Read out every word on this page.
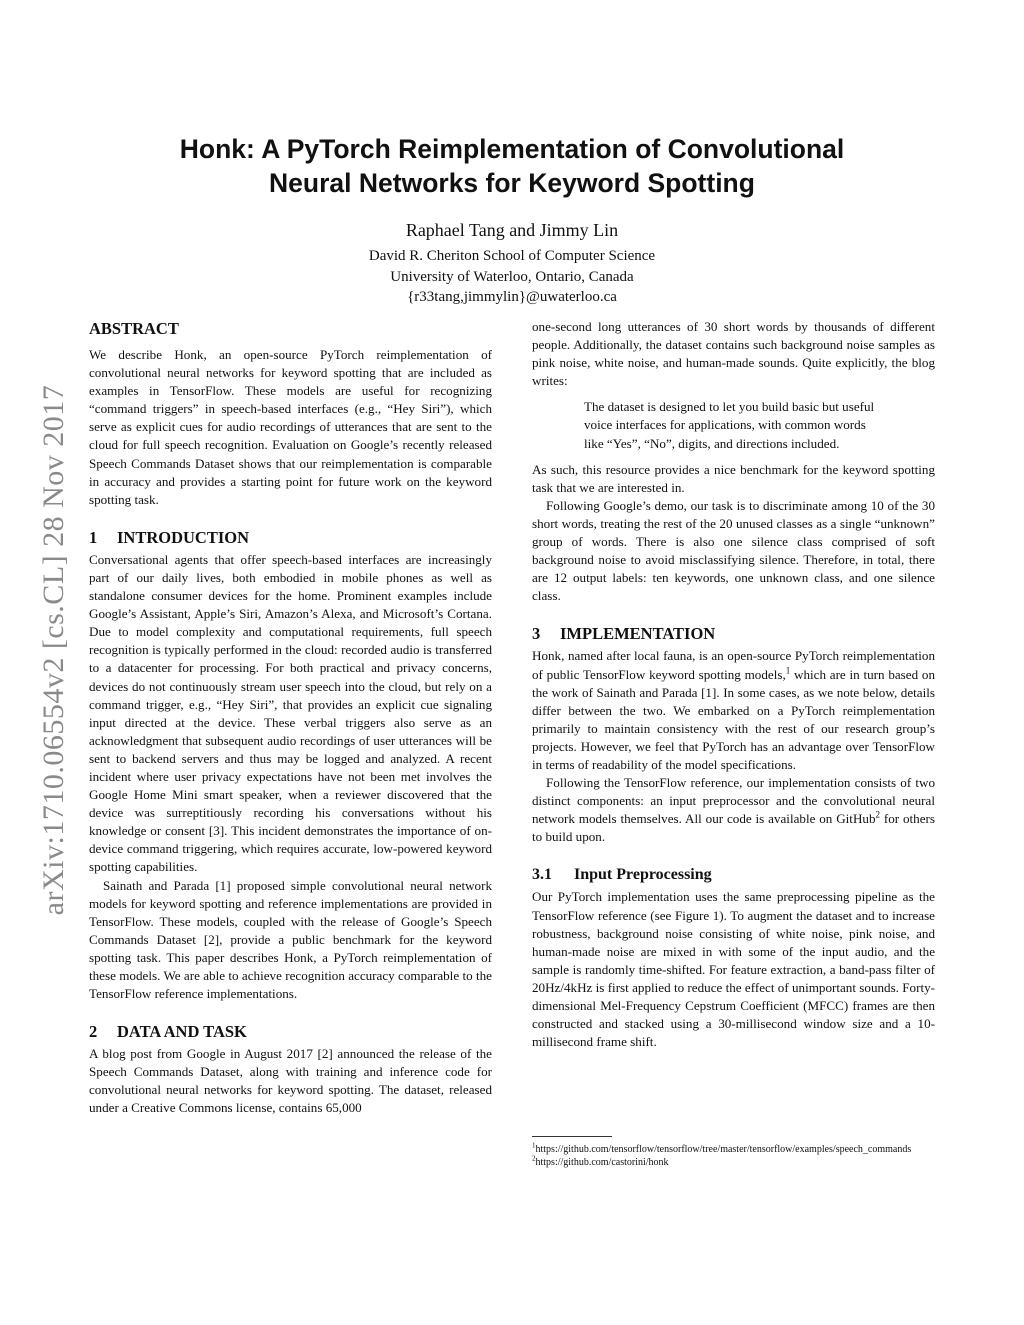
arXiv:1710.06554v2 [cs.CL] 28 Nov 2017
Honk: A PyTorch Reimplementation of Convolutional
Neural Networks for Keyword Spotting
Raphael Tang and Jimmy Lin
David R. Cheriton School of Computer Science
University of Waterloo, Ontario, Canada
{r33tang,jimmylin}@uwaterloo.ca
ABSTRACT

We describe Honk, an open-source PyTorch reimplementation of convolutional neural networks for keyword spotting that are included as examples in TensorFlow. These models are useful for recognizing “command triggers” in speech-based interfaces (e.g., “Hey Siri”), which serve as explicit cues for audio recordings of utterances that are sent to the cloud for full speech recognition. Evaluation on Google’s recently released Speech Commands Dataset shows that our reimplementation is comparable in accuracy and provides a starting point for future work on the keyword spotting task.

1 INTRODUCTION

Conversational agents that offer speech-based interfaces are increasingly part of our daily lives, both embodied in mobile phones as well as standalone consumer devices for the home. Prominent examples include Google’s Assistant, Apple’s Siri, Amazon’s Alexa, and Microsoft’s Cortana. Due to model complexity and computational requirements, full speech recognition is typically performed in the cloud: recorded audio is transferred to a datacenter for processing. For both practical and privacy concerns, devices do not continuously stream user speech into the cloud, but rely on a command trigger, e.g., “Hey Siri”, that provides an explicit cue signaling input directed at the device. These verbal triggers also serve as an acknowledgment that subsequent audio recordings of user utterances will be sent to backend servers and thus may be logged and analyzed. A recent incident where user privacy expectations have not been met involves the Google Home Mini smart speaker, when a reviewer discovered that the device was surreptitiously recording his conversations without his knowledge or consent [3]. This incident demonstrates the importance of on-device command triggering, which requires accurate, low-powered keyword spotting capabilities.

Sainath and Parada [1] proposed simple convolutional neural network models for keyword spotting and reference implementations are provided in TensorFlow. These models, coupled with the release of Google’s Speech Commands Dataset [2], provide a public benchmark for the keyword spotting task. This paper describes Honk, a PyTorch reimplementation of these models. We are able to achieve recognition accuracy comparable to the TensorFlow reference implementations.

2 DATA AND TASK

A blog post from Google in August 2017 [2] announced the release of the Speech Commands Dataset, along with training and inference code for convolutional neural networks for keyword spotting. The dataset, released under a Creative Commons license, contains 65,000

one-second long utterances of 30 short words by thousands of different people. Additionally, the dataset contains such background noise samples as pink noise, white noise, and human-made sounds. Quite explicitly, the blog writes:

The dataset is designed to let you build basic but useful voice interfaces for applications, with common words like “Yes”, “No”, digits, and directions included.

As such, this resource provides a nice benchmark for the keyword spotting task that we are interested in.

Following Google’s demo, our task is to discriminate among 10 of the 30 short words, treating the rest of the 20 unused classes as a single “unknown” group of words. There is also one silence class comprised of soft background noise to avoid misclassifying silence. Therefore, in total, there are 12 output labels: ten keywords, one unknown class, and one silence class.

3 IMPLEMENTATION

Honk, named after local fauna, is an open-source PyTorch reimplementation of public TensorFlow keyword spotting models,$^1$ which are in turn based on the work of Sainath and Parada [1]. In some cases, as we note below, details differ between the two. We embarked on a PyTorch reimplementation primarily to maintain consistency with the rest of our research group’s projects. However, we feel that PyTorch has an advantage over TensorFlow in terms of readability of the model specifications.

Following the TensorFlow reference, our implementation consists of two distinct components: an input preprocessor and the convolutional neural network models themselves. All our code is available on GitHub$^2$ for others to build upon.

3.1 Input Preprocessing

Our PyTorch implementation uses the same preprocessing pipeline as the TensorFlow reference (see Figure 1). To augment the dataset and to increase robustness, background noise consisting of white noise, pink noise, and human-made noise are mixed in with some of the input audio, and the sample is randomly time-shifted. For feature extraction, a band-pass filter of 20Hz/4kHz is first applied to reduce the effect of unimportant sounds. Forty-dimensional Mel-Frequency Cepstrum Coefficient (MFCC) frames are then constructed and stacked using a 30-millisecond window size and a 10-millisecond frame shift.

$^1$https://github.com/tensorflow/tensorflow/tree/master/tensorflow/examples/speech_commands
$^2$https://github.com/castorini/honk
